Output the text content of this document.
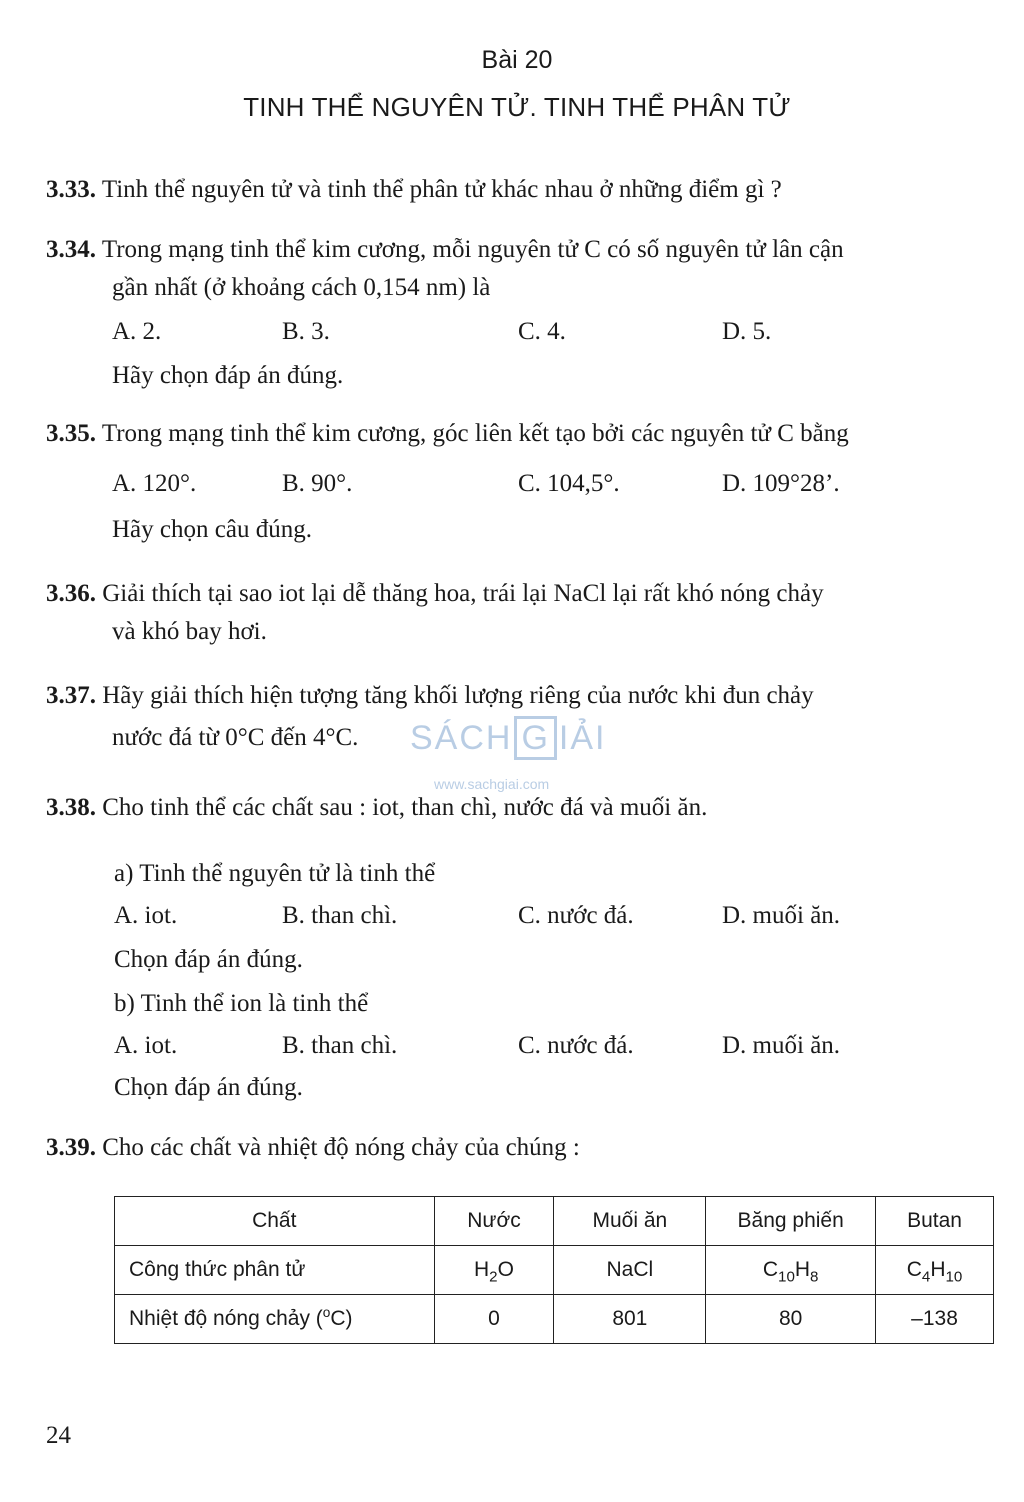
Bài 20
TINH THỂ NGUYÊN TỬ. TINH THỂ PHÂN TỬ
3.33. Tinh thể nguyên tử và tinh thể phân tử khác nhau ở những điểm gì ?
3.34. Trong mạng tinh thể kim cương, mỗi nguyên tử C có số nguyên tử lân cận
gần nhất (ở khoảng cách 0,154 nm) là
A. 2.	B. 3.	C. 4.	D. 5.
Hãy chọn đáp án đúng.
3.35. Trong mạng tinh thể kim cương, góc liên kết tạo bởi các nguyên tử C bằng
A. 120°.	B. 90°.	C. 104,5°.	D. 109°28’.
Hãy chọn câu đúng.
3.36. Giải thích tại sao iot lại dễ thăng hoa, trái lại NaCl lại rất khó nóng chảy
và khó bay hơi.
3.37. Hãy giải thích hiện tượng tăng khối lượng riêng của nước khi đun chảy
nước đá từ 0°C đến 4°C. SÁCH G IẢI
www.sachgiai.com
3.38. Cho tinh thể các chất sau : iot, than chì, nước đá và muối ăn.
a) Tinh thể nguyên tử là tinh thể
A. iot.	B. than chì.	C. nước đá.	D. muối ăn.
Chọn đáp án đúng.
b) Tinh thể ion là tinh thể
A. iot.	B. than chì.	C. nước đá.	D. muối ăn.
Chọn đáp án đúng.
3.39. Cho các chất và nhiệt độ nóng chảy của chúng :
Chất	Nước	Muối ăn	Băng phiến	Butan
Công thức phân tử	$H_2O$	NaCl	$C_{10}H_8$	$C_4H_{10}$
Nhiệt độ nóng chảy ($^o$C)	0	801	80	–138
24
